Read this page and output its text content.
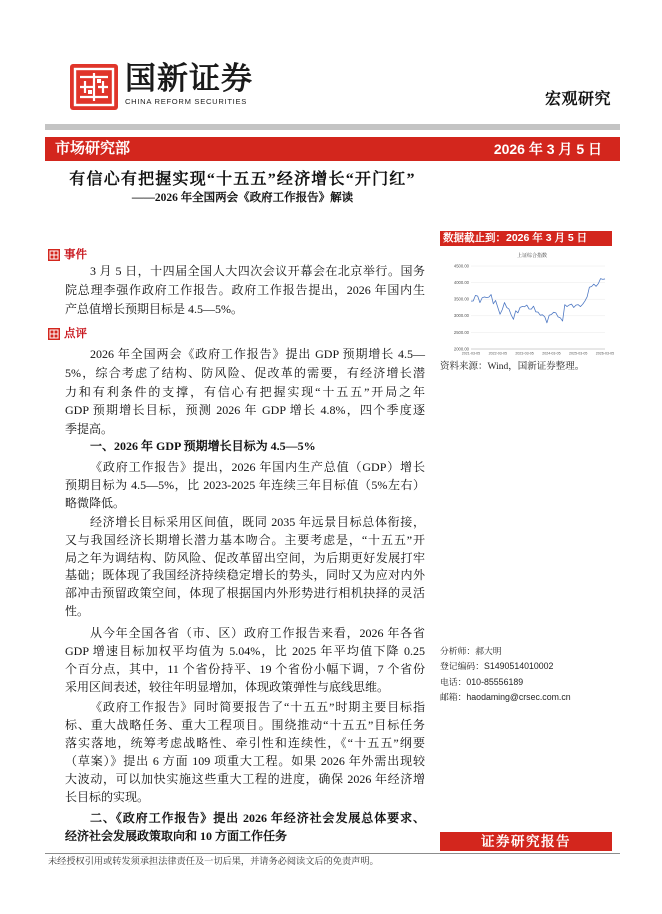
国新证券
CHINA REFORM SECURITIES	宏观研究
市场研究部	2026 年 3 月 5 日
有信心有把握实现“十五五”经济增长“开门红”
——2026 年全国两会《政府工作报告》解读
事件
3 月 5 日，十四届全国人大四次会议开幕会在北京举行。国务
院总理李强作政府工作报告。政府工作报告提出，2026 年国内生
产总值增长预期目标是 4.5—5%。
点评
2026 年全国两会《政府工作报告》提出 GDP 预期增长 4.5—
5%，综合考虑了结构、防风险、促改革的需要，有经济增长潜
力和有利条件的支撑，有信心有把握实现“十五五”开局之年
GDP 预期增长目标，预测 2026 年 GDP 增长 4.8%，四个季度逐
季提高。
一、2026 年 GDP 预期增长目标为 4.5—5%
《政府工作报告》提出，2026 年国内生产总值（GDP）增长
预期目标为 4.5—5%，比 2023-2025 年连续三年目标值（5%左右）
略微降低。
经济增长目标采用区间值，既同 2035 年远景目标总体衔接，
又与我国经济长期增长潜力基本吻合。主要考虑是，“十五五”开
局之年为调结构、防风险、促改革留出空间，为后期更好发展打牢
基础；既体现了我国经济持续稳定增长的势头，同时又为应对内外
部冲击预留政策空间，体现了根据国内外形势进行相机抉择的灵活
性。
从今年全国各省（市、区）政府工作报告来看，2026 年各省
GDP 增速目标加权平均值为 5.04%，比 2025 年平均值下降 0.25
个百分点，其中，11 个省份持平、19 个省份小幅下调，7 个省份
采用区间表述，较往年明显增加，体现政策弹性与底线思维。
《政府工作报告》同时简要报告了“十五五”时期主要目标指
标、重大战略任务、重大工程项目。围绕推动“十五五”目标任务
落实落地，统筹考虑战略性、牵引性和连续性，《“十五五”纲要
（草案）》提出 6 方面 109 项重大工程。如果 2026 年外需出现较
大波动，可以加快实施这些重大工程的进度，确保 2026 年经济增
长目标的实现。
二、《政府工作报告》提出 2026 年经济社会发展总体要求、
经济社会发展政策取向和 10 方面工作任务
数据截止到：2026 年 3 月 5 日
上证综合指数
4500.00
4000.00
3500.00
3000.00
2500.00
2000.00
2021-03-05 2022-03-05 2023-03-05 2024-03-05 2025-03-05 2026-03-05
资料来源：Wind，国新证券整理。
分析师：郝大明
登记编码：S1490514010002
电话：010-85556189
邮箱：haodaming@crsec.com.cn
证券研究报告
未经授权引用或转发须承担法律责任及一切后果，并请务必阅读文后的免责声明。
